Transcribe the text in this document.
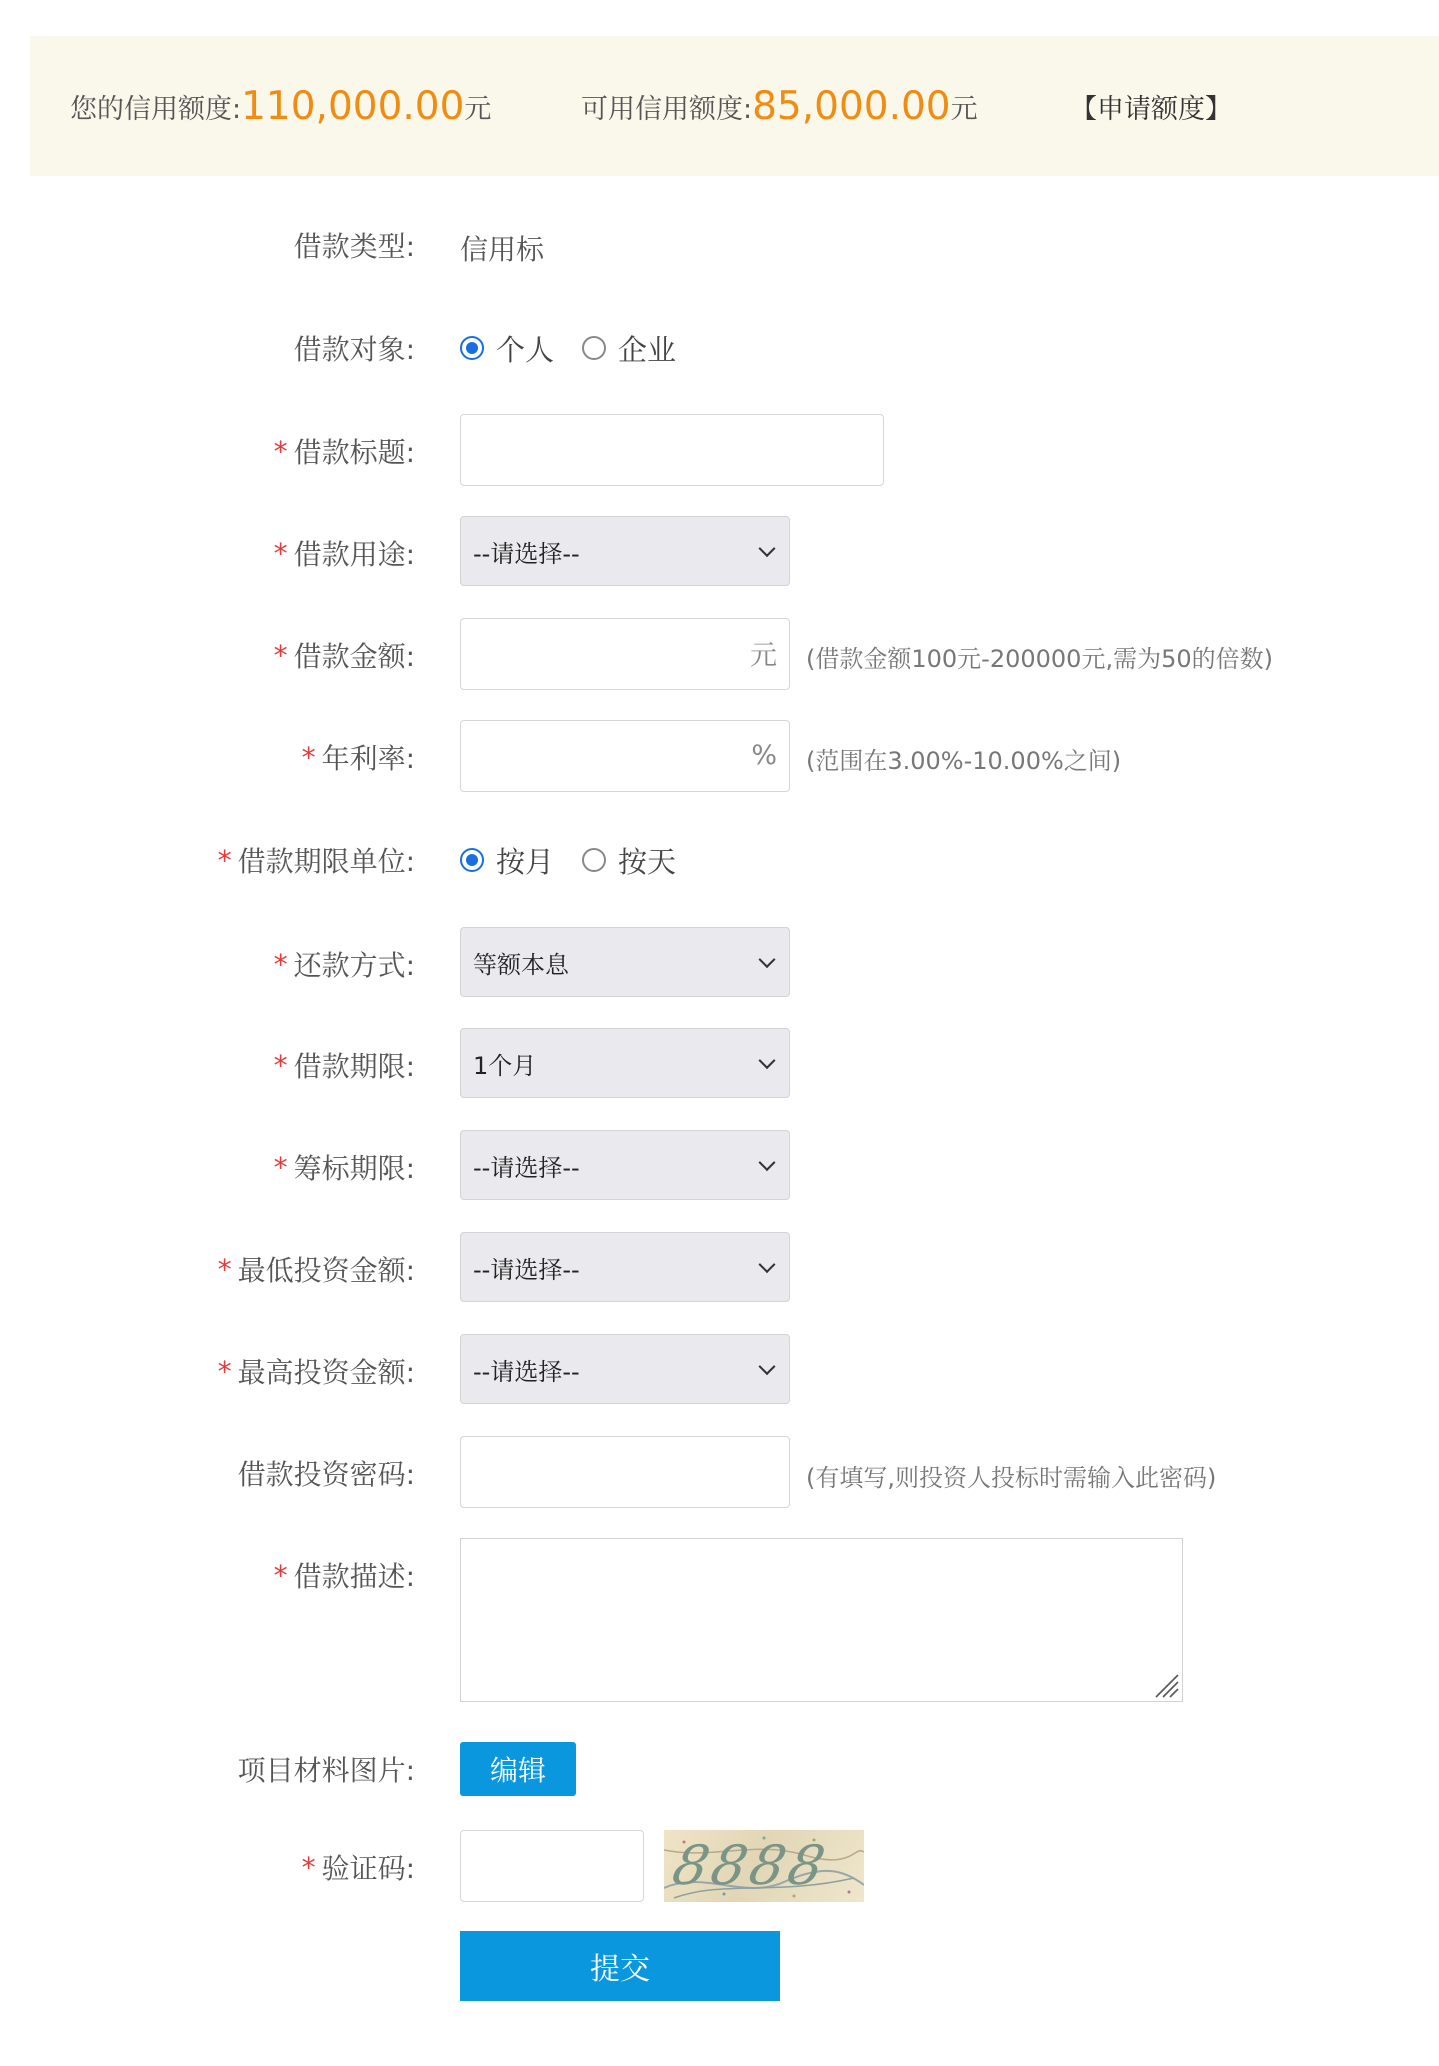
您的信用额度: 110,000.00 元	可用信用额度: 85,000.00 元	【申请额度】
借款类型: 信用标
借款对象:	个人 企业
* 借款标题:
* 借款用途: --请选择--
* 借款金额:	元 (借款金额100元-200000元,需为50的倍数)
* 年利率:	% (范围在3.00%-10.00%之间)
* 借款期限单位:	按月 按天
* 还款方式: 等额本息
* 借款期限: 1个月
* 筹标期限: --请选择--
* 最低投资金额: --请选择--
* 最高投资金额: --请选择--
借款投资密码:	(有填写,则投资人投标时需输入此密码)
* 借款描述:
项目材料图片:	编辑
* 验证码:	8888
提交
